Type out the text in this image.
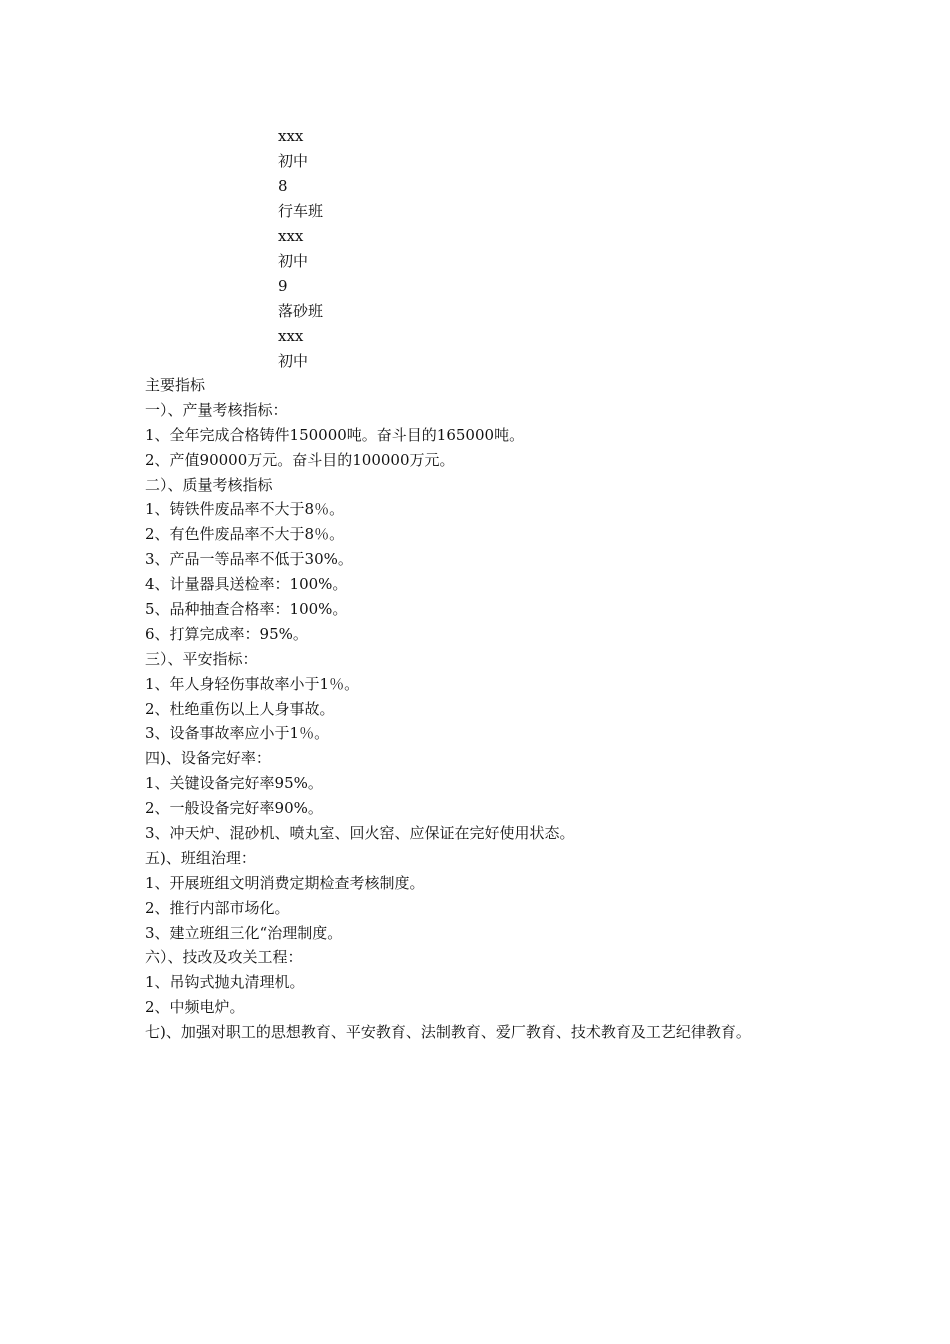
xxx
初中
8
行车班
xxx
初中
9
落砂班
xxx
初中
主要指标
一）、产量考核指标：
1、全年完成合格铸件150000吨。奋斗目的165000吨。
2、产值90000万元。奋斗目的100000万元。
二）、质量考核指标
1、铸铁件废品率不大于8％。
2、有色件废品率不大于8％。
3、产品一等品率不低于30%。
4、计量器具送检率：100%。
5、品种抽查合格率：100%。
6、打算完成率：95%。
三）、平安指标：
1、年人身轻伤事故率小于1％。
2、杜绝重伤以上人身事故。
3、设备事故率应小于1％。
四)、设备完好率：
1、关键设备完好率95%。
2、一般设备完好率90%。
3、冲天炉、混砂机、喷丸室、回火窑、应保证在完好使用状态。
五)、班组治理：
1、开展班组文明消费定期检查考核制度。
2、推行内部市场化。
3、建立班组三化“治理制度。
六）、技改及攻关工程：
1、吊钩式抛丸清理机。
2、中频电炉。
七)、加强对职工的思想教育、平安教育、法制教育、爱厂教育、技术教育及工艺纪律教育。
